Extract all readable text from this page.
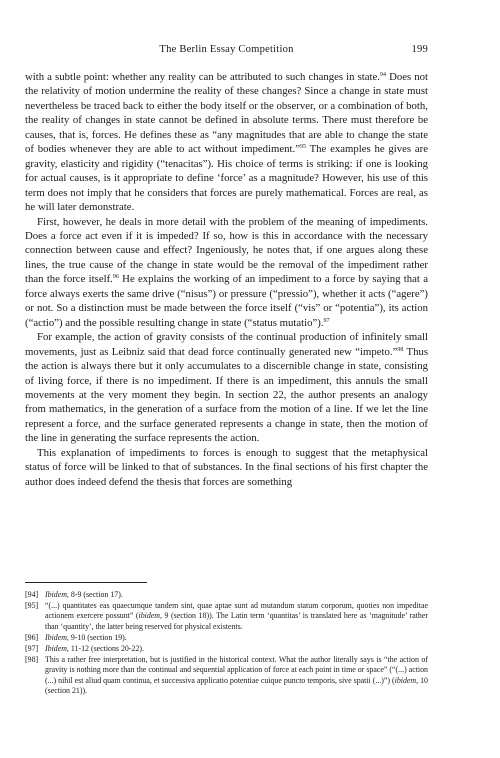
The Berlin Essay Competition	199

with a subtle point: whether any reality can be attributed to such changes in state.$^{94}$ Does not the relativity of motion undermine the reality of these changes? Since a change in state must nevertheless be traced back to either the body itself or the observer, or a combination of both, the reality of changes in state cannot be defined in absolute terms. There must therefore be causes, that is, forces. He defines these as “any magnitudes that are able to change the state of bodies whenever they are able to act without impediment.”$^{95}$ The examples he gives are gravity, elasticity and rigidity (“tenacitas”). His choice of terms is striking: if one is looking for actual causes, is it appropriate to define ‘force’ as a magnitude? However, his use of this term does not imply that he considers that forces are purely mathematical. Forces are real, as he will later demonstrate.

First, however, he deals in more detail with the problem of the meaning of impediments. Does a force act even if it is impeded? If so, how is this in accordance with the necessary connection between cause and effect? Ingeniously, he notes that, if one argues along these lines, the true cause of the change in state would be the removal of the impediment rather than the force itself.$^{96}$ He explains the working of an impediment to a force by saying that a force always exerts the same drive (“nisus”) or pressure (“pressio”), whether it acts (“agere”) or not. So a distinction must be made between the force itself (“vis” or “potentia”), its action (“actio”) and the possible resulting change in state (“status mutatio”).$^{97}$

For example, the action of gravity consists of the continual production of infinitely small movements, just as Leibniz said that dead force continually generated new “impeto.”$^{98}$ Thus the action is always there but it only accumulates to a discernible change in state, consisting of living force, if there is no impediment. If there is an impediment, this annuls the small movements at the very moment they begin. In section 22, the author presents an analogy from mathematics, in the generation of a surface from the motion of a line. If we let the line represent a force, and the surface generated represents a change in state, then the motion of the line in generating the surface represents the action.

This explanation of impediments to forces is enough to suggest that the metaphysical status of force will be linked to that of substances. In the final sections of his first chapter the author does indeed defend the thesis that forces are something

[94] Ibidem, 8-9 (section 17).
[95] “(...) quantitates eas quaecumque tandem sint, quae aptae sunt ad mutandum statum corporum, quoties non impeditae actionem exercere possunt” (ibidem, 9 (section 18)). The Latin term ‘quantitas’ is translated here as ‘magnitude’ rather than ‘quantity’, the latter being reserved for physical existents.
[96] Ibidem, 9-10 (section 19).
[97] Ibidem, 11-12 (sections 20-22).
[98] This a rather free interpretation, but is justified in the historical context. What the author literally says is “the action of gravity is nothing more than the continual and sequential application of force at each point in time or space” (“(...) action (...) nihil est aliud quam continua, et successiva applicatio potentiae cuique puncto temporis, sive spatii (...)”) (ibidem, 10 (section 21)).
